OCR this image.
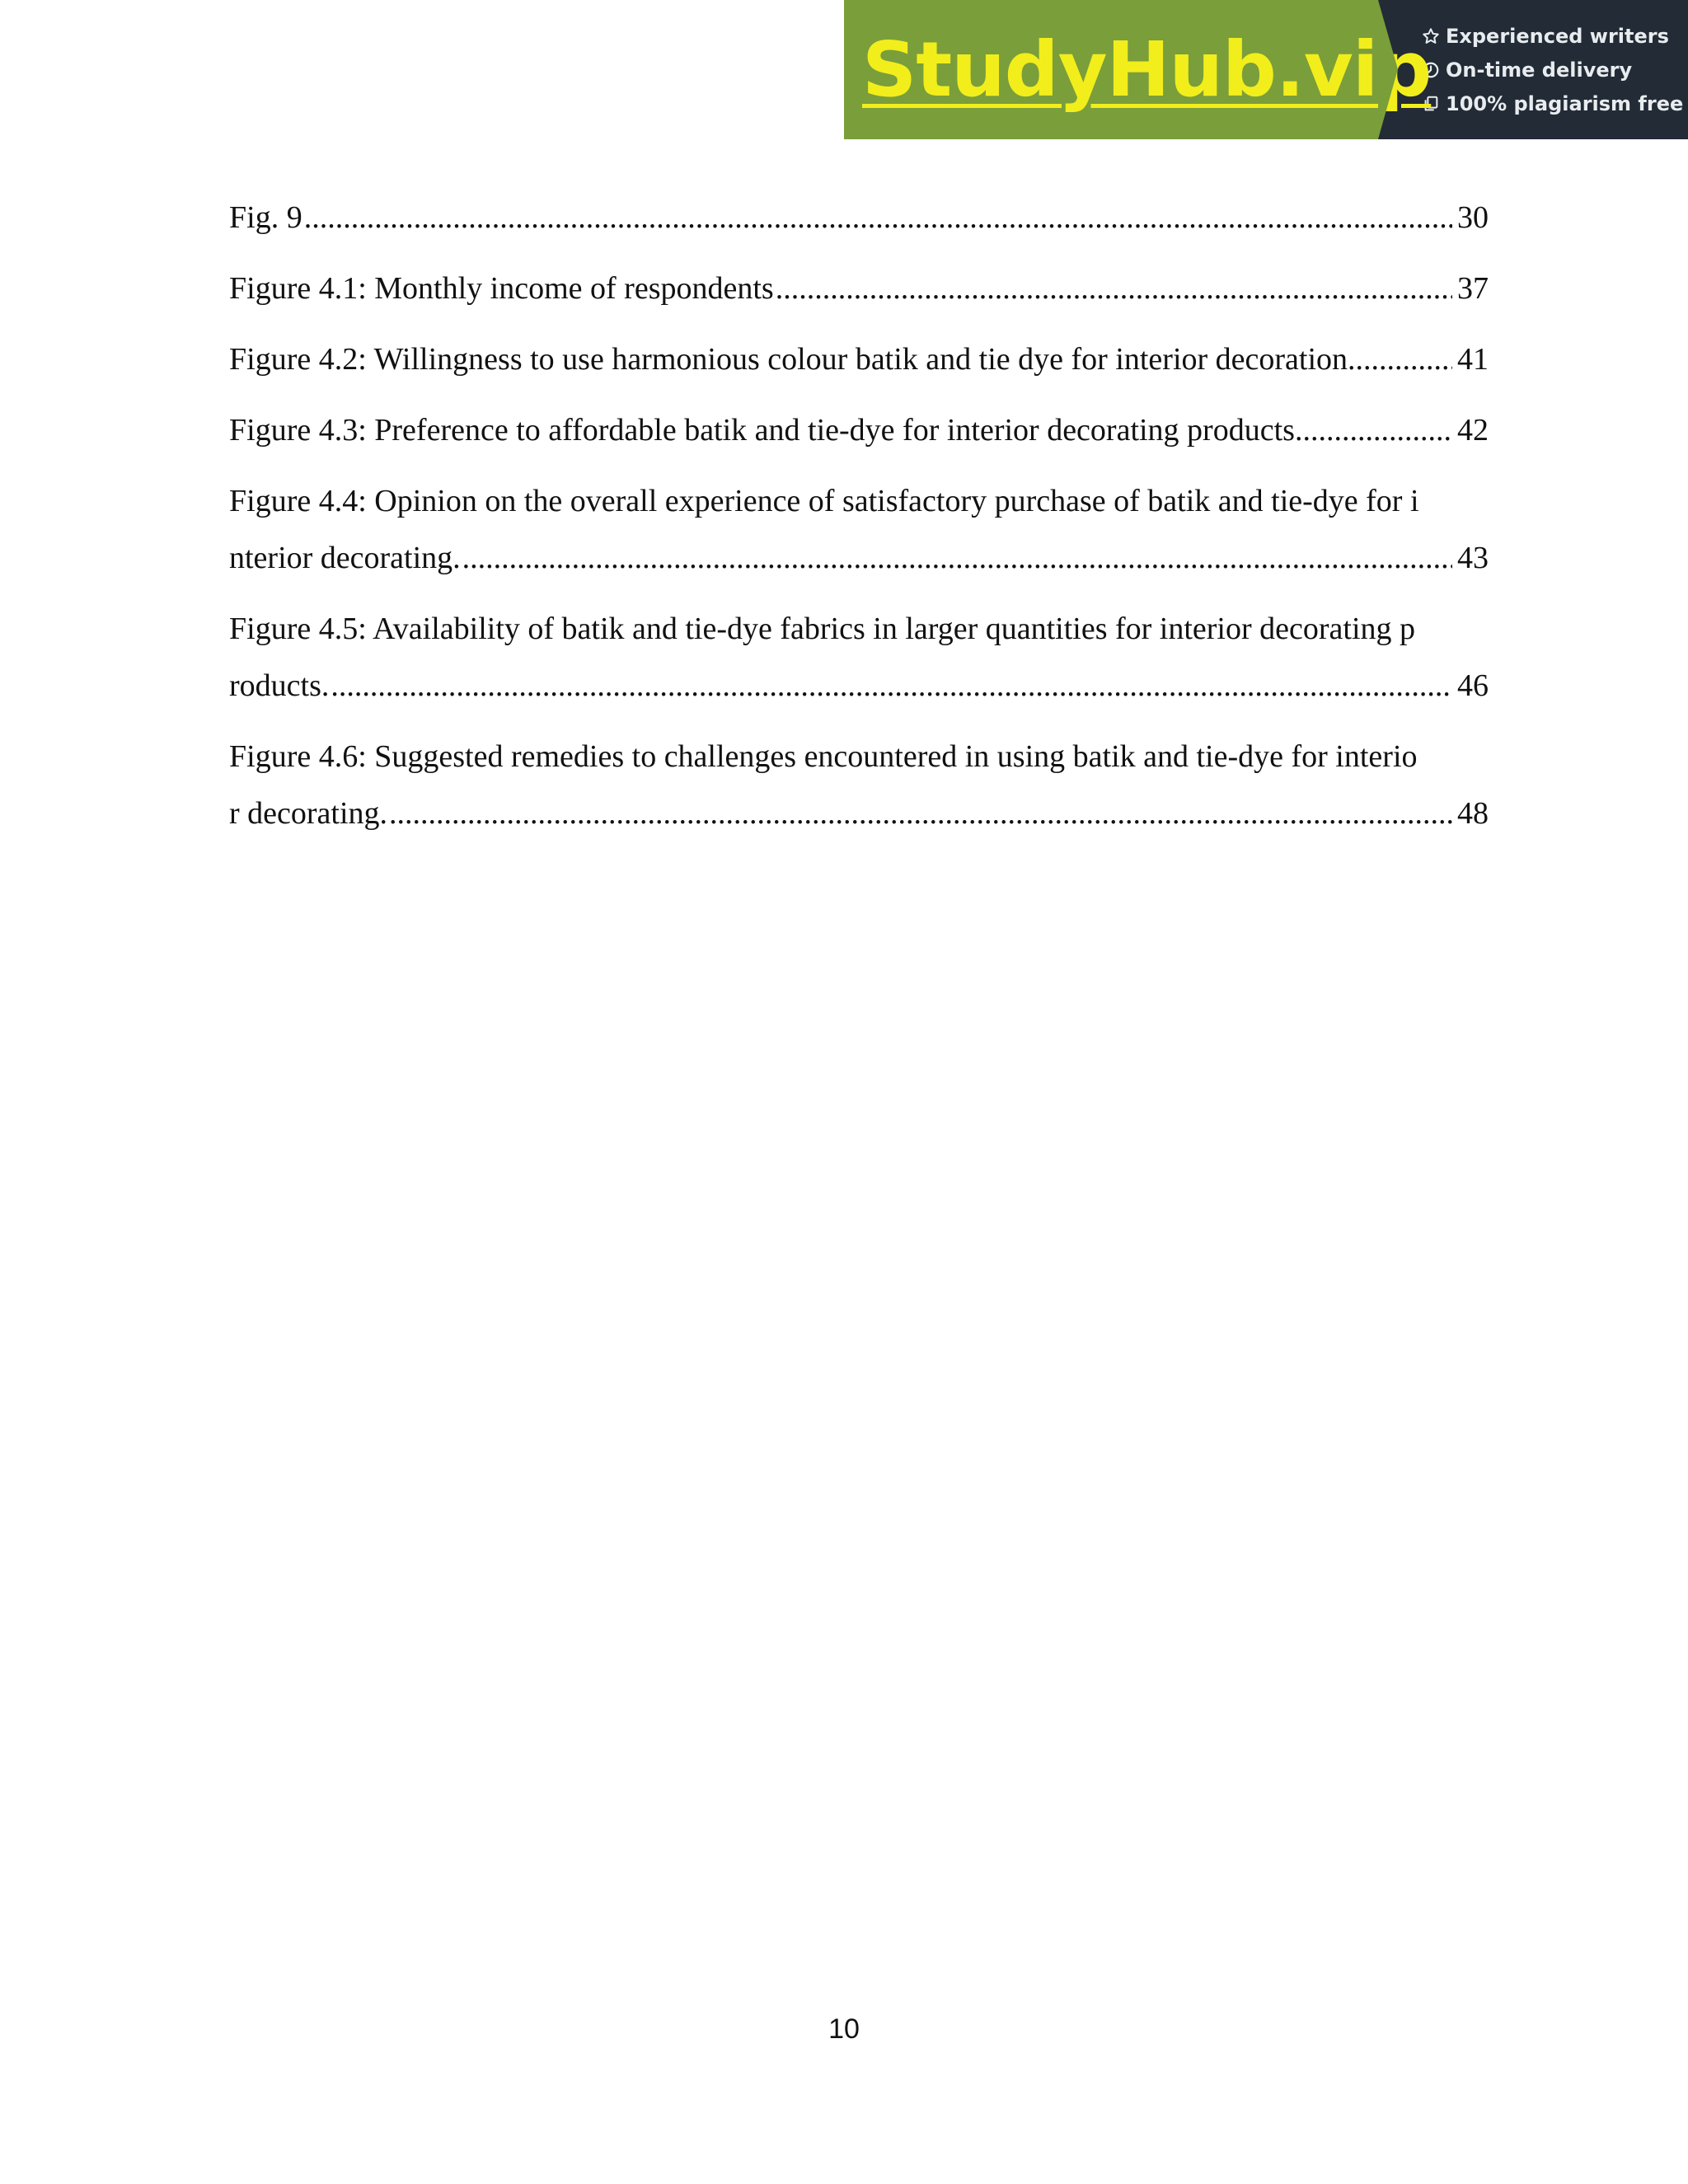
StudyHub.vip Experienced writers
On-time delivery
100% plagiarism free
Fig. 9 .....	30
Figure 4.1: Monthly income of respondents .....	37
Figure 4.2: Willingness to use harmonious colour batik and tie dye for interior decoration .....	41
Figure 4.3: Preference to affordable batik and tie-dye for interior decorating products .....	42
Figure 4.4: Opinion on the overall experience of satisfactory purchase of batik and tie-dye for i
nterior decorating. .....	43
Figure 4.5: Availability of batik and tie-dye fabrics in larger quantities for interior decorating p
roducts. .....	46
Figure 4.6: Suggested remedies to challenges encountered in using batik and tie-dye for interio
r decorating. .....	48
10
